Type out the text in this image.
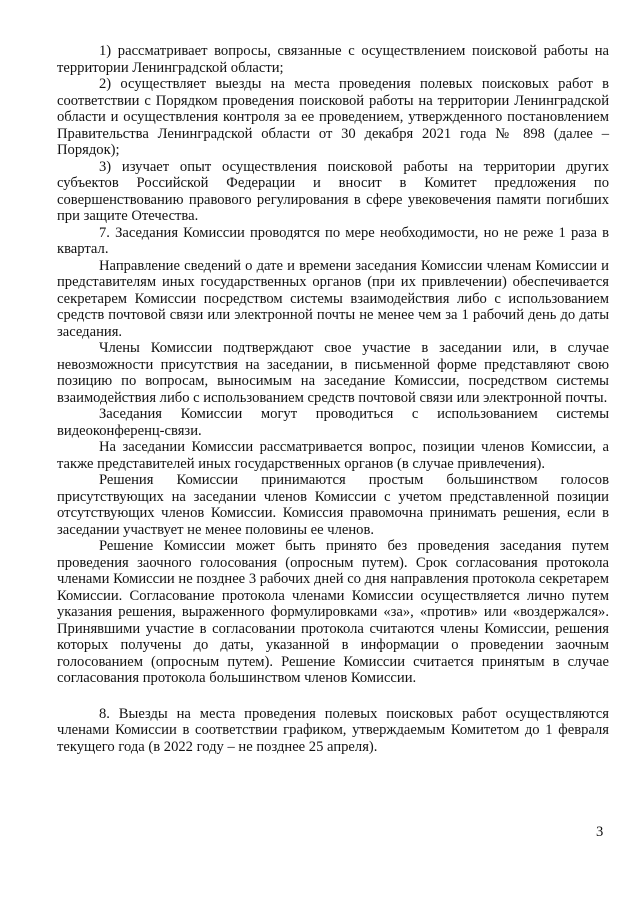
1) рассматривает вопросы, связанные с осуществлением поисковой работы на территории Ленинградской области;

2) осуществляет выезды на места проведения полевых поисковых работ в соответствии с Порядком проведения поисковой работы на территории Ленинградской области и осуществления контроля за ее проведением, утвержденного постановлением Правительства Ленинградской области от 30 декабря 2021 года № 898 (далее – Порядок);

3) изучает опыт осуществления поисковой работы на территории других субъектов Российской Федерации и вносит в Комитет предложения по совершенствованию правового регулирования в сфере увековечения памяти погибших при защите Отечества.

7. Заседания Комиссии проводятся по мере необходимости, но не реже 1 раза в квартал.

Направление сведений о дате и времени заседания Комиссии членам Комиссии и представителям иных государственных органов (при их привлечении) обеспечивается секретарем Комиссии посредством системы взаимодействия либо с использованием средств почтовой связи или электронной почты не менее чем за 1 рабочий день до даты заседания.

Члены Комиссии подтверждают свое участие в заседании или, в случае невозможности присутствия на заседании, в письменной форме представляют свою позицию по вопросам, выносимым на заседание Комиссии, посредством системы взаимодействия либо с использованием средств почтовой связи или электронной почты.

Заседания Комиссии могут проводиться с использованием системы видеоконференц-связи.

На заседании Комиссии рассматривается вопрос, позиции членов Комиссии, а также представителей иных государственных органов (в случае привлечения).

Решения Комиссии принимаются простым большинством голосов присутствующих на заседании членов Комиссии с учетом представленной позиции отсутствующих членов Комиссии. Комиссия правомочна принимать решения, если в заседании участвует не менее половины ее членов.

Решение Комиссии может быть принято без проведения заседания путем проведения заочного голосования (опросным путем). Срок согласования протокола членами Комиссии не позднее 3 рабочих дней со дня направления протокола секретарем Комиссии. Согласование протокола членами Комиссии осуществляется лично путем указания решения, выраженного формулировками «за», «против» или «воздержался». Принявшими участие в согласовании протокола считаются члены Комиссии, решения которых получены до даты, указанной в информации о проведении заочным голосованием (опросным путем). Решение Комиссии считается принятым в случае согласования протокола большинством членов Комиссии.

8. Выезды на места проведения полевых поисковых работ осуществляются членами Комиссии в соответствии графиком, утверждаемым Комитетом до 1 февраля текущего года (в 2022 году – не позднее 25 апреля).

3
